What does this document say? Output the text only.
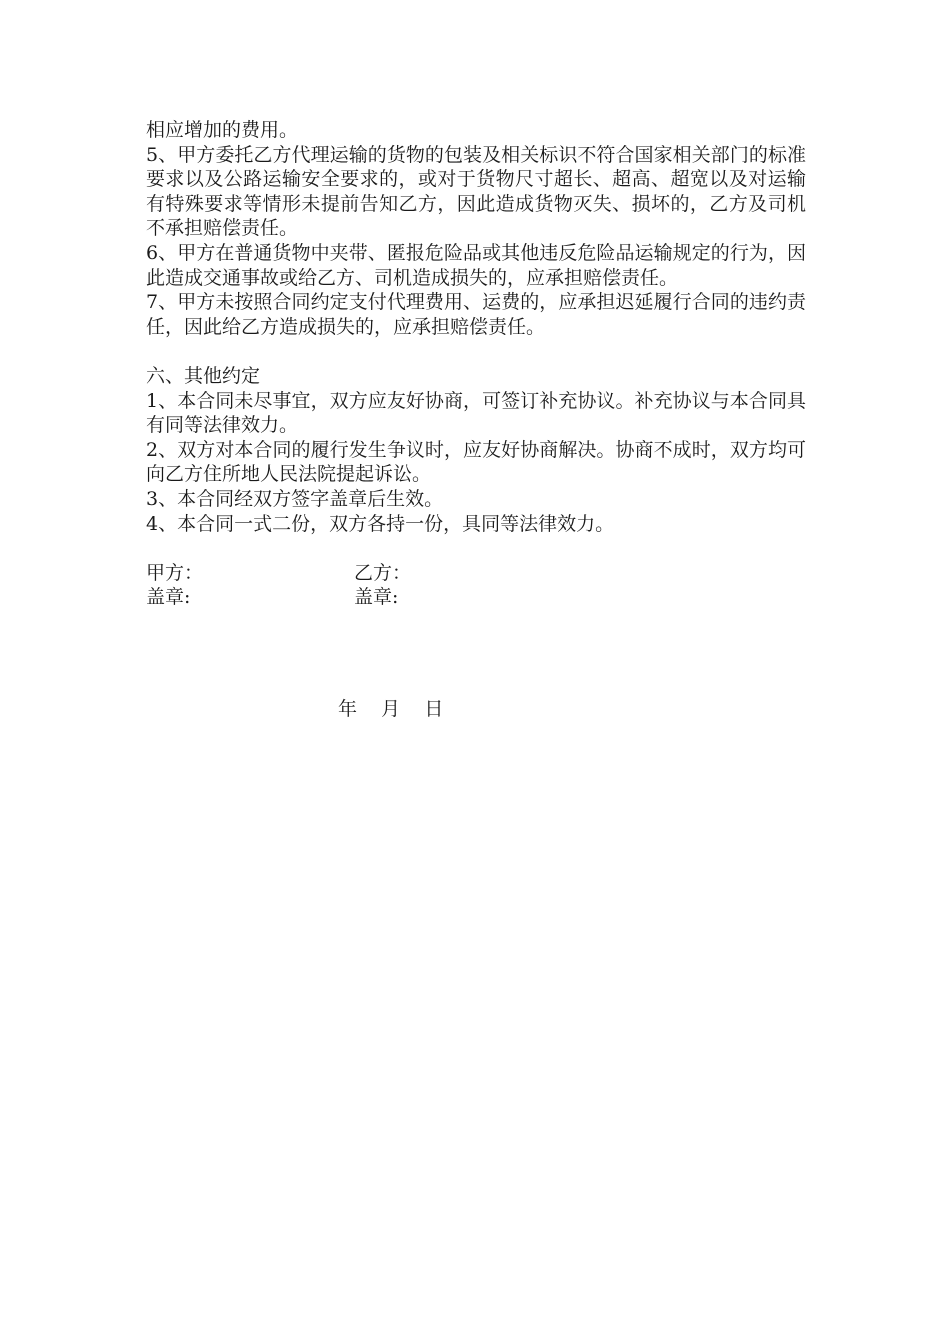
相应增加的费用。

5、甲方委托乙方代理运输的货物的包装及相关标识不符合国家相关部门的标准要求以及公路运输安全要求的，或对于货物尺寸超长、超高、超宽以及对运输有特殊要求等情形未提前告知乙方，因此造成货物灭失、损坏的，乙方及司机不承担赔偿责任。

6、甲方在普通货物中夹带、匿报危险品或其他违反危险品运输规定的行为，因此造成交通事故或给乙方、司机造成损失的，应承担赔偿责任。

7、甲方未按照合同约定支付代理费用、运费的，应承担迟延履行合同的违约责任，因此给乙方造成损失的，应承担赔偿责任。

六、其他约定

1、本合同未尽事宜，双方应友好协商，可签订补充协议。补充协议与本合同具有同等法律效力。

2、双方对本合同的履行发生争议时，应友好协商解决。协商不成时，双方均可向乙方住所地人民法院提起诉讼。

3、本合同经双方签字盖章后生效。

4、本合同一式二份，双方各持一份，具同等法律效力。

甲方：	乙方：
盖章:	盖章:
年    月    日
